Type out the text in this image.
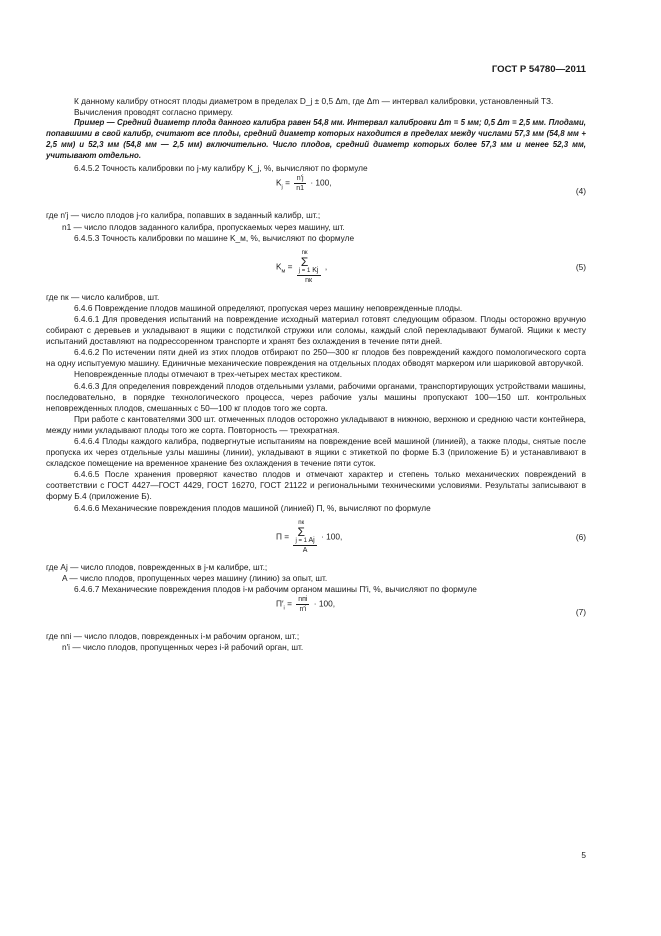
ГОСТ Р 54780—2011

К данному калибру относят плоды диаметром в пределах D_j ± 0,5 Δm, где Δm — интервал калибровки, установленный ТЗ.

Вычисления проводят согласно примеру.

Пример — Средний диаметр плода данного калибра равен 54,8 мм. Интервал калибровки Δm = 5 мм; 0,5 Δm = 2,5 мм. Плодами, попавшими в свой калибр, считают все плоды, средний диаметр которых находится в пределах между числами 57,3 мм (54,8 мм + 2,5 мм) и 52,3 мм (54,8 мм — 2,5 мм) включительно. Число плодов, средний диаметр которых более 57,3 мм и менее 52,3 мм, учитывают отдельно.

6.4.5.2 Точность калибровки по j-му калибру K_j, %, вычисляют по формуле

$K_j = \frac{n'j}{n1} \cdot 100$,
(4)

где n′j — число плодов j-го калибра, попавших в заданный калибр, шт.;

n1 — число плодов заданного калибра, пропускаемых через машину, шт.

6.4.5.3 Точность калибровки по машине K_м, %, вычисляют по формуле

$K_м$ = nк
Σ
j = 1 Kj
nк ,	(5)

где nк — число калибров, шт.

6.4.6 Повреждение плодов машиной определяют, пропуская через машину неповрежденные плоды.

6.4.6.1 Для проведения испытаний на повреждение исходный материал готовят следующим образом. Плоды осторожно вручную собирают с деревьев и укладывают в ящики с подстилкой стружки или соломы, каждый слой перекладывают бумагой. Ящики к месту испытаний доставляют на подрессоренном транспорте и хранят без охлаждения в течение пяти дней.

6.4.6.2 По истечении пяти дней из этих плодов отбирают по 250—300 кг плодов без повреждений каждого помологического сорта на одну испытуемую машину. Единичные механические повреждения на отдельных плодах обводят маркером или шариковой авторучкой.

Неповрежденные плоды отмечают в трех-четырех местах крестиком.

6.4.6.3 Для определения повреждений плодов отдельными узлами, рабочими органами, транспортирующих устройствами машины, последовательно, в порядке технологического процесса, через рабочие узлы машины пропускают 100—150 шт. контрольных неповрежденных плодов, смешанных с 50—100 кг плодов того же сорта.

При работе с кантователями 300 шт. отмеченных плодов осторожно укладывают в нижнюю, верхнюю и среднюю части контейнера, между ними укладывают плоды того же сорта. Повторность — трехкратная.

6.4.6.4 Плоды каждого калибра, подвергнутые испытаниям на повреждение всей машиной (линией), а также плоды, снятые после пропуска их через отдельные узлы машины (линии), укладывают в ящики с этикеткой по форме Б.3 (приложение Б) и устанавливают в складское помещение на временное хранение без охлаждения в течение пяти суток.

6.4.6.5 После хранения проверяют качество плодов и отмечают характер и степень только механических повреждений в соответствии с ГОСТ 4427—ГОСТ 4429, ГОСТ 16270, ГОСТ 21122 и региональными техническими условиями. Результаты записывают в форму Б.4 (приложение Б).

6.4.6.6 Механические повреждения плодов машиной (линией) П, %, вычисляют по формуле

П = nк
Σ
j = 1 Aj
A · 100,	(6)

где Aj — число плодов, поврежденных в j-м калибре, шт.;

A — число плодов, пропущенных через машину (линию) за опыт, шт.

6.4.6.7 Механические повреждения плодов i-м рабочим органом машины П′i, %, вычисляют по формуле

$П'_i = \frac{\text{nпi}}{n'i} \cdot 100$,
(7)

где nпi — число плодов, поврежденных i-м рабочим органом, шт.;

n′i — число плодов, пропущенных через i-й рабочий орган, шт.

5
